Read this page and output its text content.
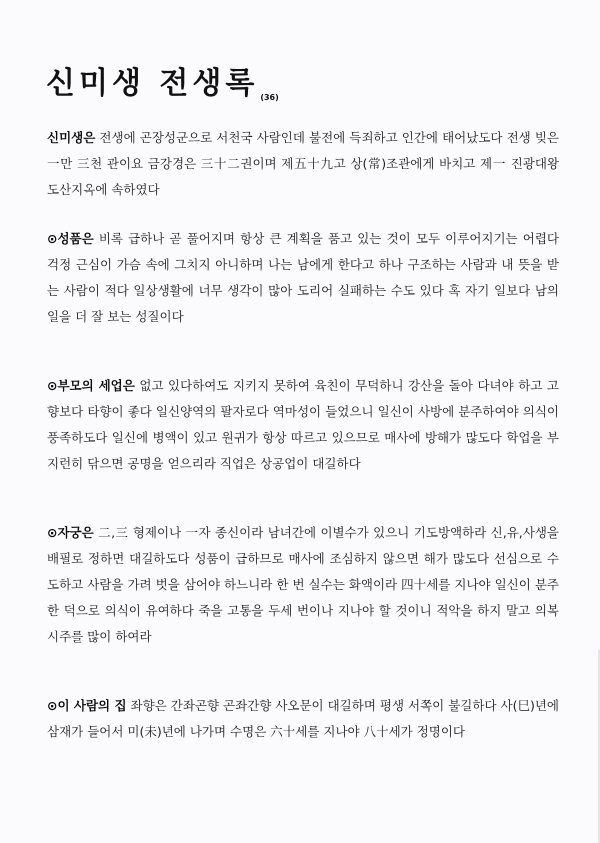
신미생 전생록 (36)
신미생은 전생에 곤장성군으로 서천국 사람인데 불전에 득죄하고 인간에 태어났도다 전생 빚은 一만 三천 관이요 금강경은 三十二권이며 제五十九고 상(常)조관에게 바치고 제一 진광대왕 도산지옥에 속하였다
⊙성품은 비록 급하나 곧 풀어지며 항상 큰 계획을 품고 있는 것이 모두 이루어지기는 어렵다 걱정 근심이 가슴 속에 그치지 아니하며 나는 남에게 한다고 하나 구조하는 사람과 내 뜻을 받는 사람이 적다 일상생활에 너무 생각이 많아 도리어 실패하는 수도 있다 혹 자기 일보다 남의 일을 더 잘 보는 성질이다
⊙부모의 세업은 없고 있다하여도 지키지 못하여 육친이 무덕하니 강산을 돌아 다녀야 하고 고향보다 타향이 좋다 일신양역의 팔자로다 역마성이 들었으니 일신이 사방에 분주하여야 의식이 풍족하도다 일신에 병액이 있고 원귀가 항상 따르고 있으므로 매사에 방해가 많도다 학업을 부지런히 닦으면 공명을 얻으리라 직업은 상공업이 대길하다
⊙자궁은 二,三 형제이나 一자 종신이라 남녀간에 이별수가 있으니 기도방액하라 신,유,사생을 배필로 정하면 대길하도다 성품이 급하므로 매사에 조심하지 않으면 해가 많도다 선심으로 수도하고 사람을 가려 벗을 삼어야 하느니라 한 번 실수는 화액이라 四十세를 지나야 일신이 분주한 덕으로 의식이 유여하다 죽을 고통을 두세 번이나 지나야 할 것이니 적악을 하지 말고 의복시주를 많이 하여라
⊙이 사람의 집 좌향은 간좌곤향 곤좌간향 사오문이 대길하며 평생 서쪽이 불길하다 사(巳)년에 삼재가 들어서 미(未)년에 나가며 수명은 六十세를 지나야 八十세가 정명이다
